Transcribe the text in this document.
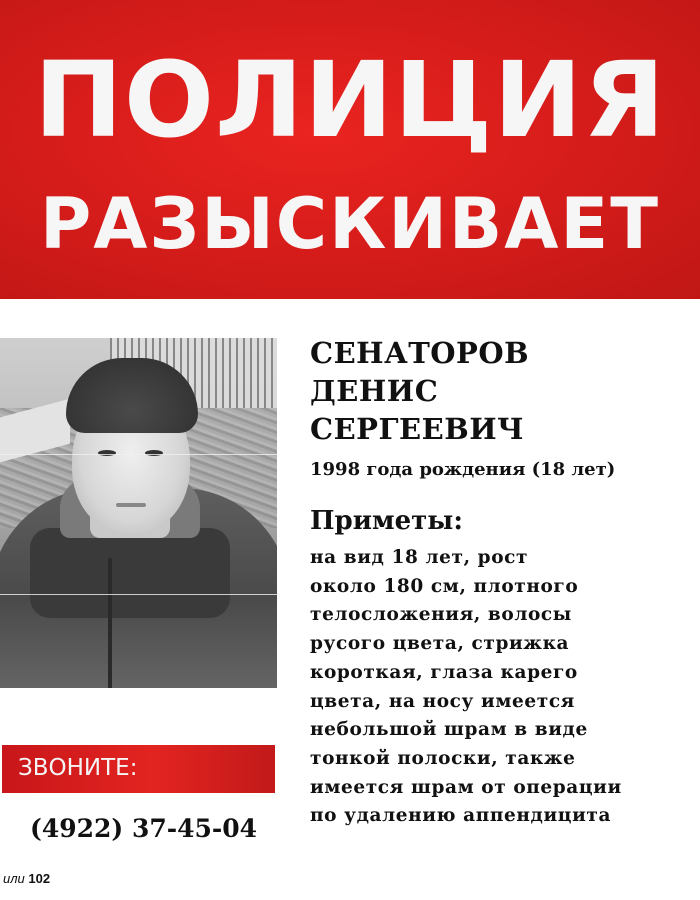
ПОЛИЦИЯ
РАЗЫСКИВАЕТ
СЕНАТОРОВ
ДЕНИС
СЕРГЕЕВИЧ
1998 года рождения (18 лет)
Приметы:
на вид 18 лет, рост
около 180 см, плотного
телосложения, волосы
русого цвета, стрижка
короткая, глаза карего
цвета, на носу имеется
небольшой шрам в виде
тонкой полоски, также
имеется шрам от операции
по удалению аппендицита
ЗВОНИТЕ:
(4922) 37-45-04
или 102
